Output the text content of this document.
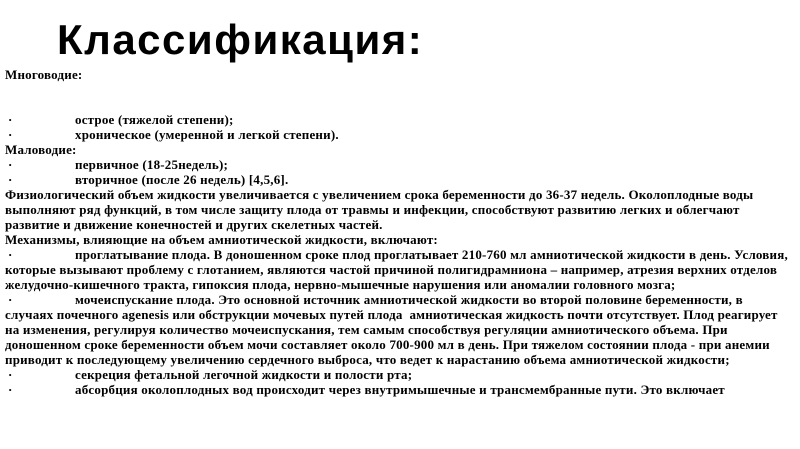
Классификация:
Многоводие:
·	острое (тяжелой степени);
·	хроническое (умеренной и легкой степени).
Маловодие:
·	первичное (18-25недель);
·	вторичное (после 26 недель) [4,5,6].
Физиологический объем жидкости увеличивается с увеличением срока беременности до 36-37 недель. Околоплодные воды выполняют ряд функций, в том числе защиту плода от травмы и инфекции, способствуют развитию легких и облегчают развитие и движение конечностей и других скелетных частей.
Механизмы, влияющие на объем амниотической жидкости, включают:
·	проглатывание плода. В доношенном сроке плод проглатывает 210-760 мл амниотической жидкости в день. Условия, которые вызывают проблему с глотанием, являются частой причиной полигидрамниона – например, атрезия верхних отделов желудочно-кишечного тракта, гипоксия плода, нервно-мышечные нарушения или аномалии головного мозга;
·	мочеиспускание плода. Это основной источник амниотической жидкости во второй половине беременности, в случаях почечного agenesis или обструкции мочевых путей плода  амниотическая жидкость почти отсутствует. Плод реагирует на изменения, регулируя количество мочеиспускания, тем самым способствуя регуляции амниотического объема. При доношенном сроке беременности объем мочи составляет около 700-900 мл в день. При тяжелом состоянии плода - при анемии приводит к последующему увеличению сердечного выброса, что ведет к нарастанию объема амниотической жидкости;
·	секреция фетальной легочной жидкости и полости рта;
·	абсорбция околоплодных вод происходит через внутримышечные и трансмембранные пути. Это включает
